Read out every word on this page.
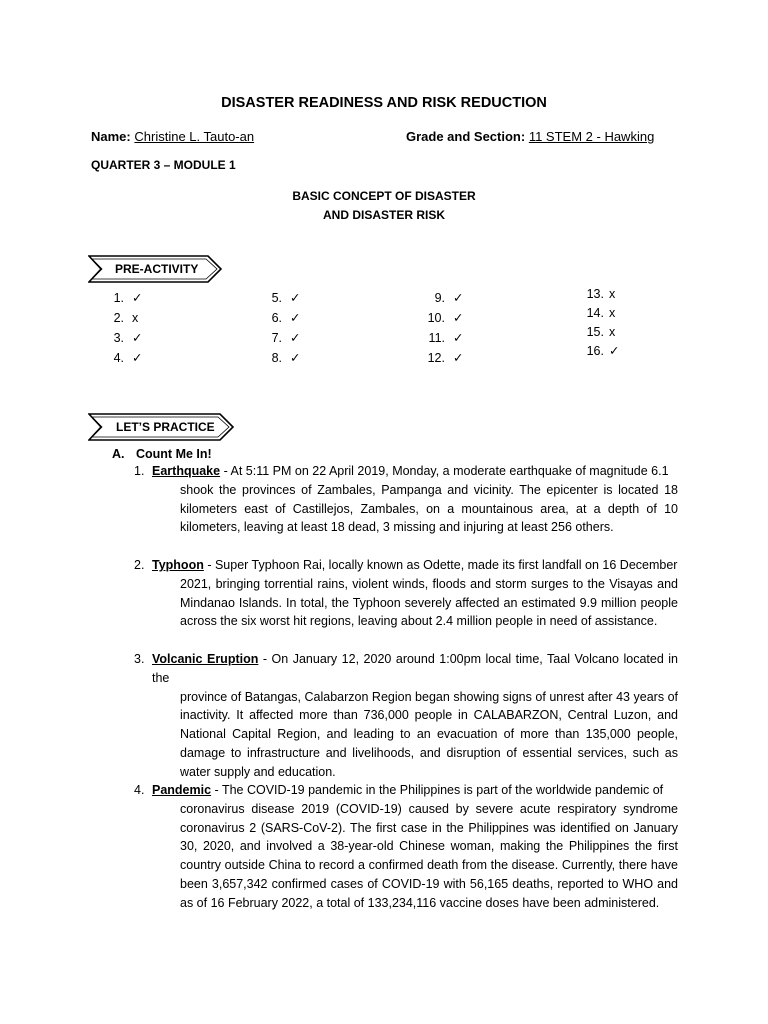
DISASTER READINESS AND RISK REDUCTION
Name: Christine L. Tauto-an	Grade and Section: 11 STEM 2 - Hawking
QUARTER 3 – MODULE 1
BASIC CONCEPT OF DISASTER
AND DISASTER RISK
PRE-ACTIVITY
1. ✓
2. x
3. ✓
4. ✓
5. ✓
6. ✓
7. ✓
8. ✓
9. ✓
10. ✓
11. ✓
12. ✓
13. x
14. x
15. x
16. ✓
LET’S PRACTICE
A. Count Me In!
1. Earthquake - At 5:11 PM on 22 April 2019, Monday, a moderate earthquake of magnitude 6.1
shook the provinces of Zambales, Pampanga and vicinity. The epicenter is located 18 kilometers east of Castillejos, Zambales, on a mountainous area, at a depth of 10 kilometers, leaving at least 18 dead, 3 missing and injuring at least 256 others.
2. Typhoon - Super Typhoon Rai, locally known as Odette, made its first landfall on 16 December
2021, bringing torrential rains, violent winds, floods and storm surges to the Visayas and Mindanao Islands. In total, the Typhoon severely affected an estimated 9.9 million people across the six worst hit regions, leaving about 2.4 million people in need of assistance.
3. Volcanic Eruption - On January 12, 2020 around 1:00pm local time, Taal Volcano located in the
province of Batangas, Calabarzon Region began showing signs of unrest after 43 years of inactivity. It affected more than 736,000 people in CALABARZON, Central Luzon, and National Capital Region, and leading to an evacuation of more than 135,000 people, damage to infrastructure and livelihoods, and disruption of essential services, such as water supply and education.
4. Pandemic - The COVID-19 pandemic in the Philippines is part of the worldwide pandemic of
coronavirus disease 2019 (COVID-19) caused by severe acute respiratory syndrome coronavirus 2 (SARS-CoV-2). The first case in the Philippines was identified on January 30, 2020, and involved a 38-year-old Chinese woman, making the Philippines the first country outside China to record a confirmed death from the disease. Currently, there have been 3,657,342 confirmed cases of COVID-19 with 56,165 deaths, reported to WHO and as of 16 February 2022, a total of 133,234,116 vaccine doses have been administered.
